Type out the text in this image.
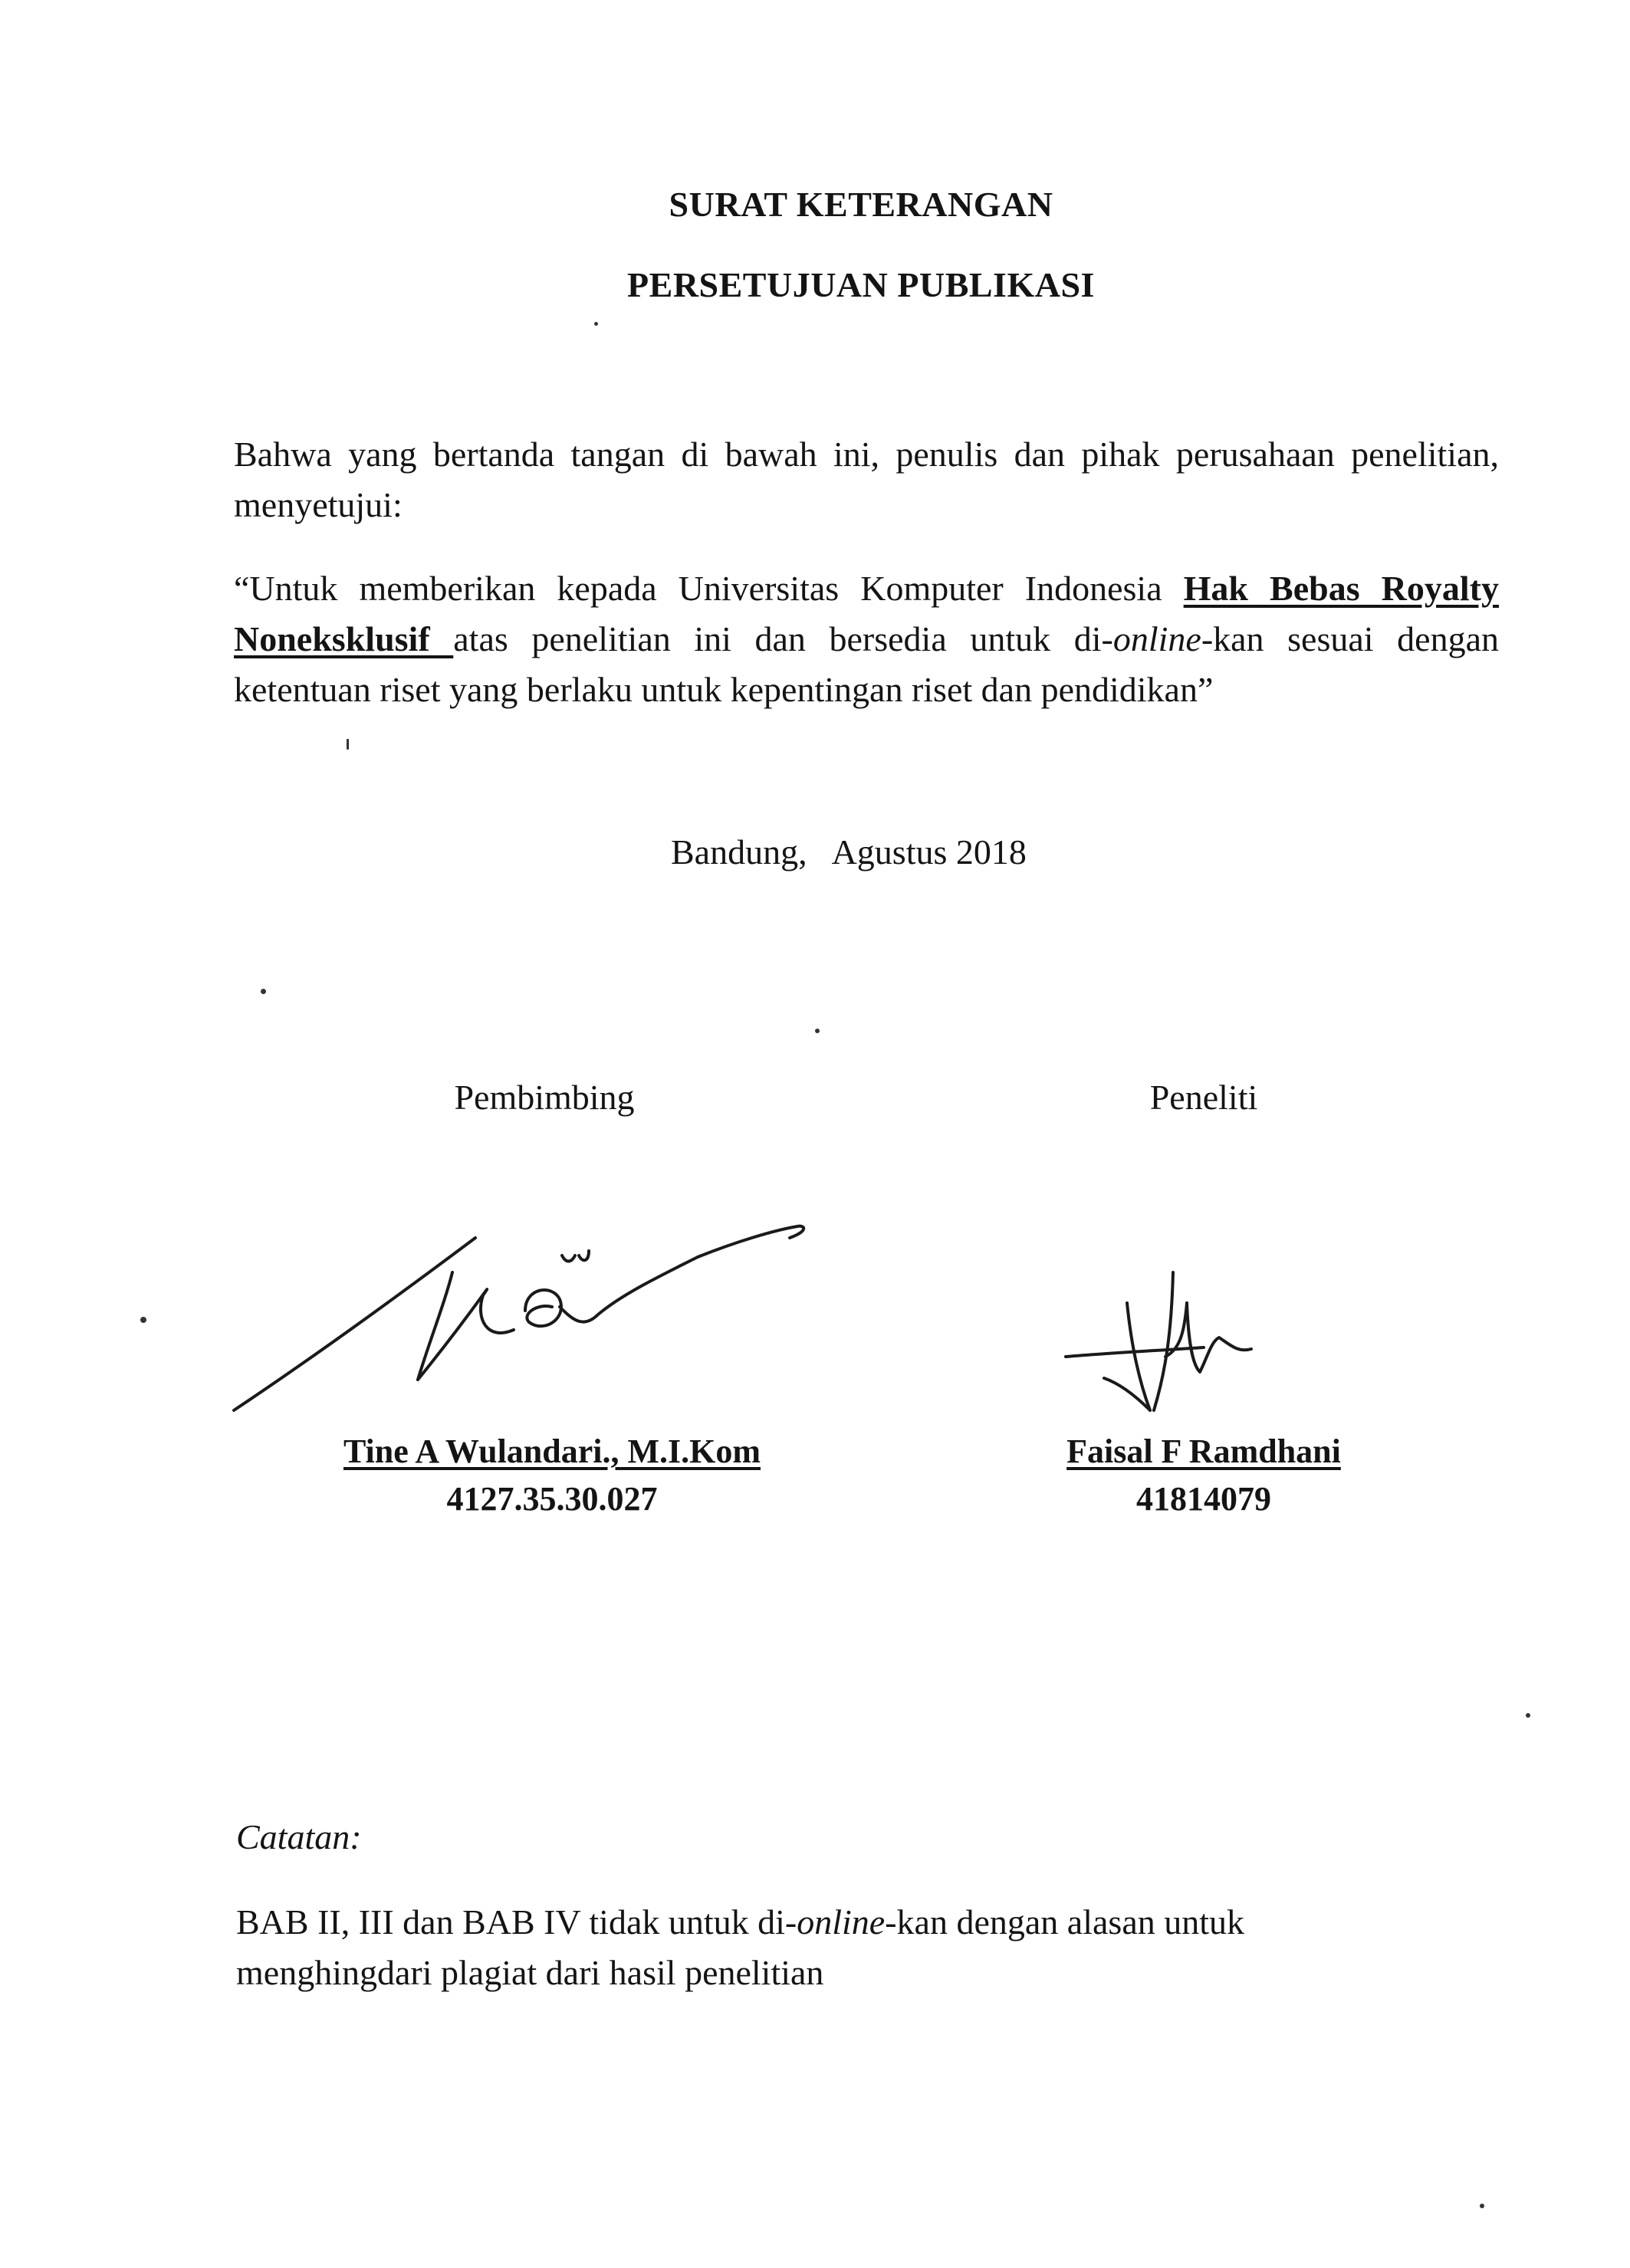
SURAT KETERANGAN
PERSETUJUAN PUBLIKASI
Bahwa yang bertanda tangan di bawah ini, penulis dan pihak perusahaan penelitian, menyetujui:
“Untuk memberikan kepada Universitas Komputer Indonesia Hak Bebas Royalty Noneksklusif atas penelitian ini dan bersedia untuk di-online-kan sesuai dengan ketentuan riset yang berlaku untuk kepentingan riset dan pendidikan”
Bandung, Agustus 2018
Pembimbing	Peneliti
Tine A Wulandari., M.I.Kom
4127.35.30.027
Faisal F Ramdhani
41814079
Catatan:
BAB II, III dan BAB IV tidak untuk di-online-kan dengan alasan untuk menghingdari plagiat dari hasil penelitian
